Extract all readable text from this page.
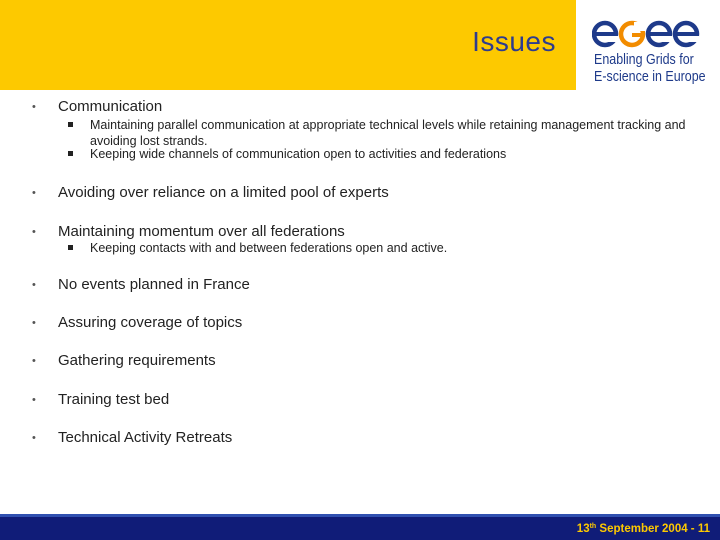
Issues
Enabling Grids for
E-science in Europe
• Communication
Maintaining parallel communication at appropriate technical levels while retaining management tracking and avoiding lost strands.
Keeping wide channels of communication open to activities and federations
• Avoiding over reliance on a limited pool of experts
• Maintaining momentum over all federations
Keeping contacts with and between federations open and active.
• No events planned in France
• Assuring coverage of topics
• Gathering requirements
• Training test bed
• Technical Activity Retreats
13th September 2004 - 11
